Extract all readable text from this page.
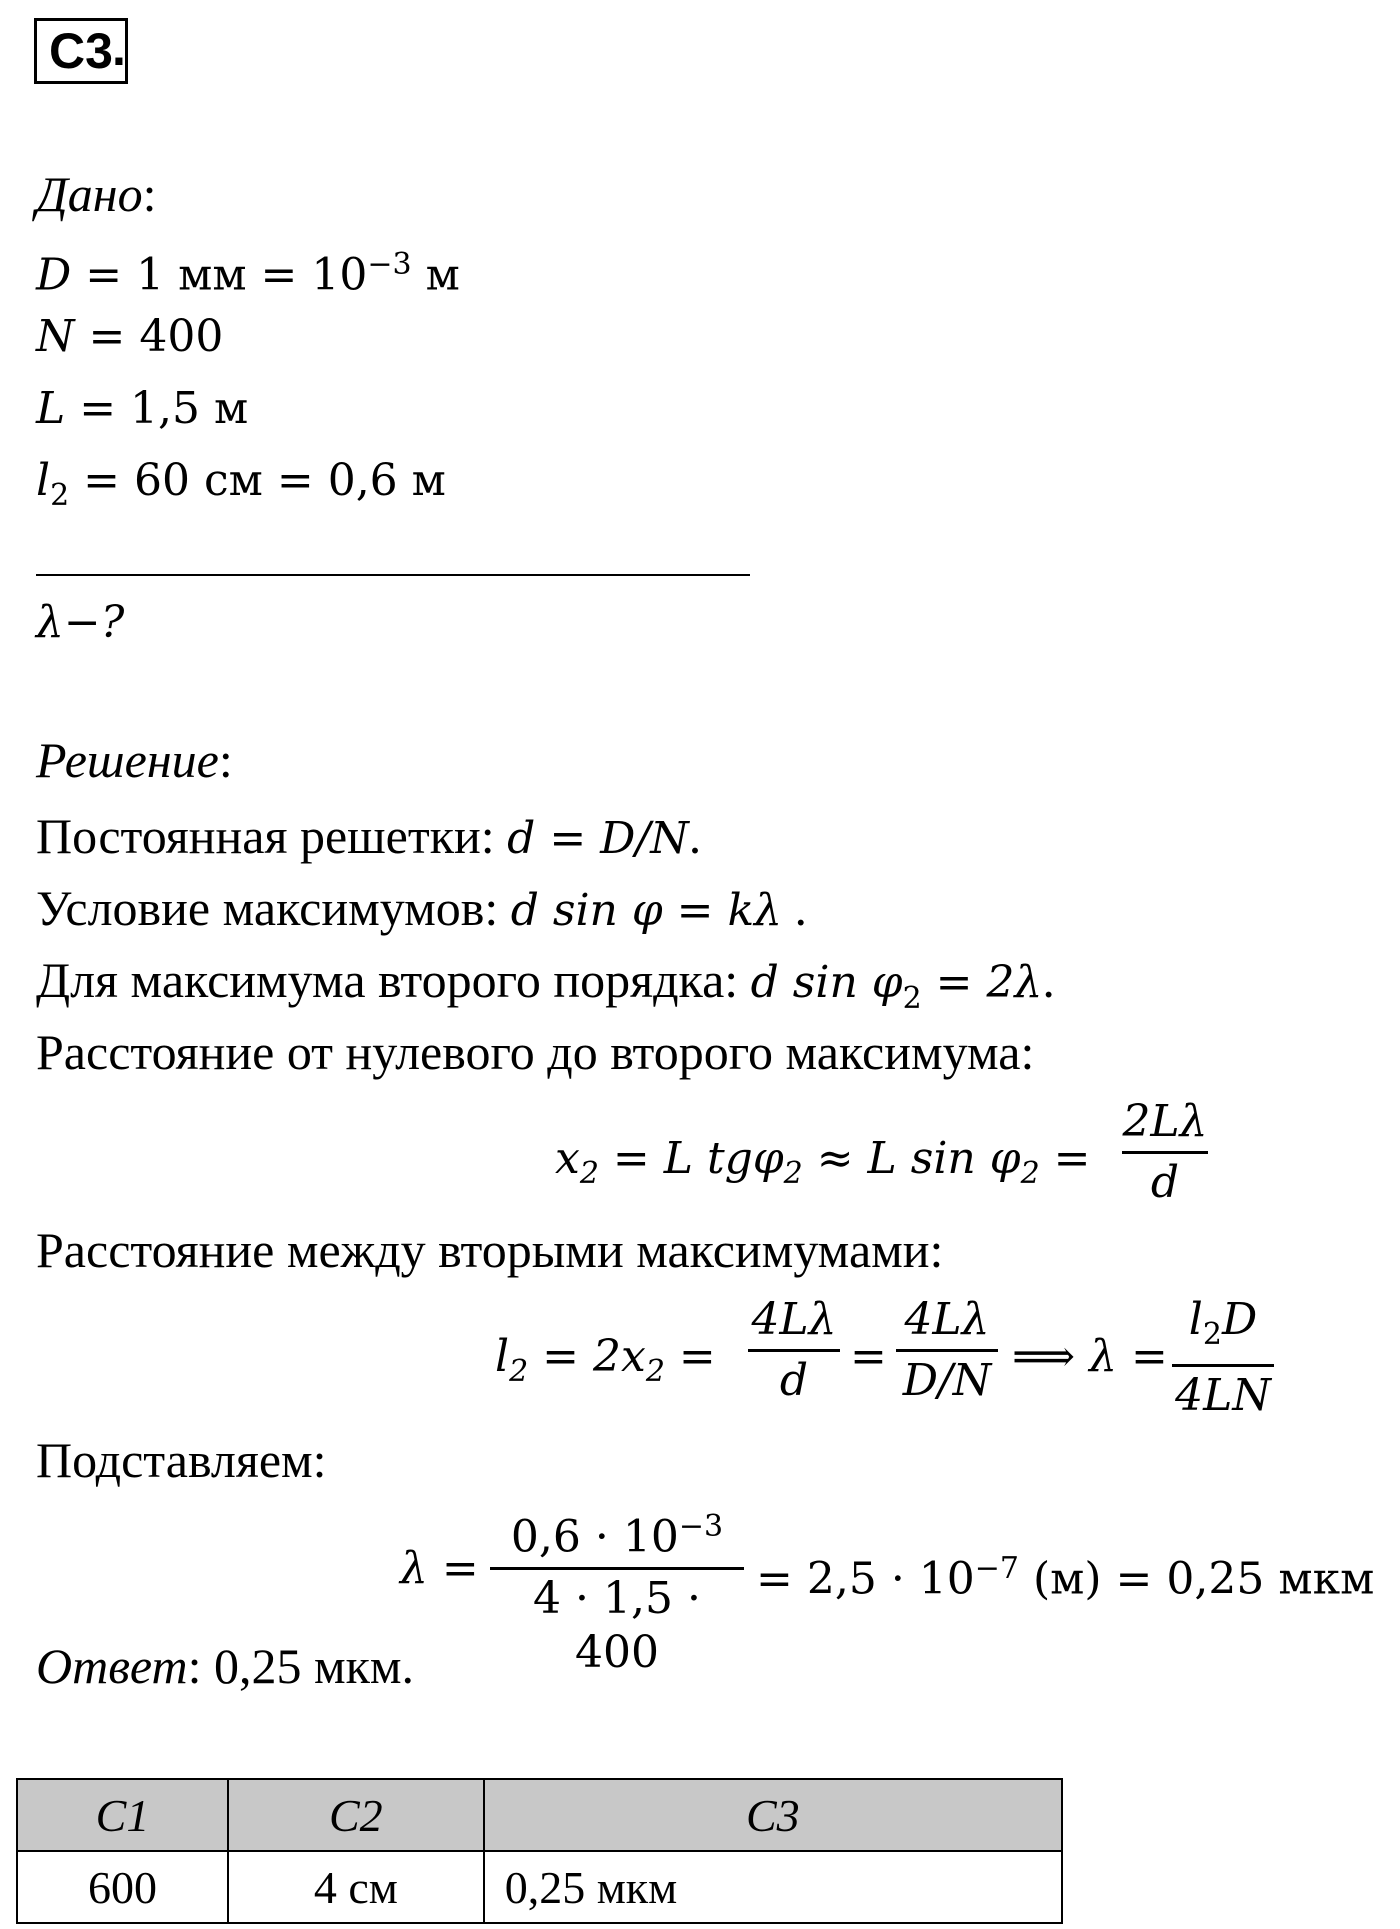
C3 .
Дано:
D = 1 мм = $10^{-3}$ м
N = 400
L = 1,5 м
$l_2 = 60$ см = 0,6 м
λ−?
Решение:
Постоянная решетки: d = D/N.
Условие максимумов: d sin φ = kλ .
Для максимума второго порядка: d $\sin \varphi_2 = 2\lambda$.
Расстояние от нулевого до второго максимума:
$x_2 = L$ tgφ$_2$ ≈ L $\sin \varphi_2$ =
2Lλ
d
Расстояние между вторыми максимумами:
$l_2 = 2x_2$ =
4Lλ
d =
4Lλ
D/N ⟹ λ =
$l_2D$
4LN
Подставляем:
λ =
$0,6 \cdot 10^{-3}$
4 · 1,5 · 400
= $2,5 \cdot 10^{-7}$ (м) = 0,25 мкм
Ответ: 0,25 мкм.
C1	C2	C3
600	4 см	0,25 мкм
